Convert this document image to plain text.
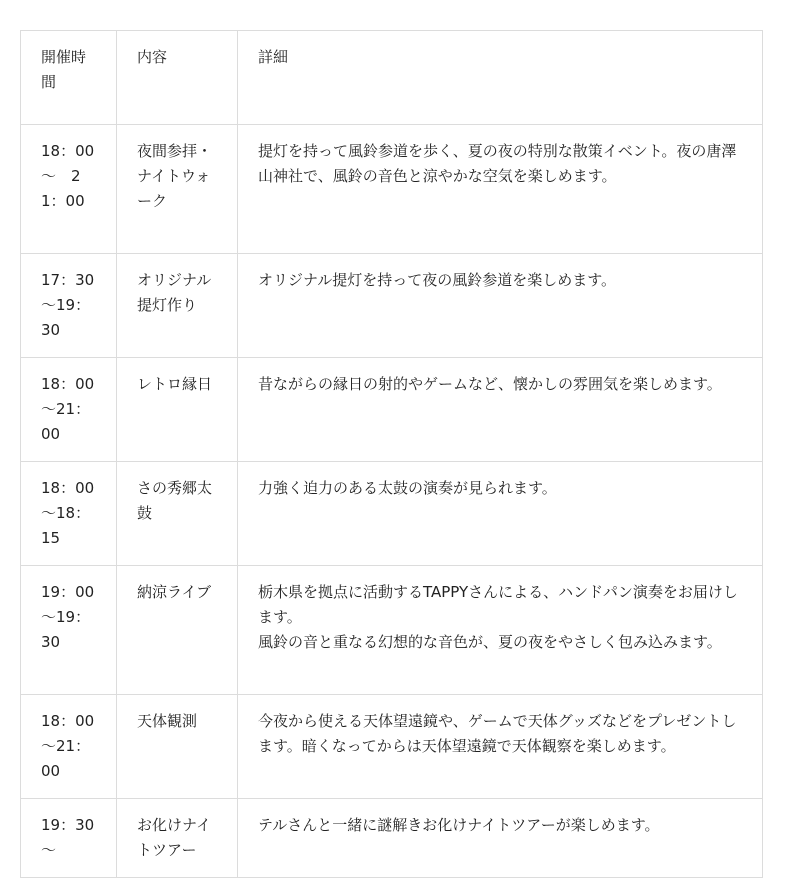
開催時間	内容	詳細
18：00～　21：00	夜間参拝・ナイトウォーク	提灯を持って風鈴参道を歩く、夏の夜の特別な散策イベント。夜の唐澤山神社で、風鈴の音色と涼やかな空気を楽しめます。
17：30～19：30	オリジナル提灯作り	オリジナル提灯を持って夜の風鈴参道を楽しめます。
18：00～21：00	レトロ縁日	昔ながらの縁日の射的やゲームなど、懐かしの雰囲気を楽しめます。
18：00～18：15	さの秀郷太鼓	力強く迫力のある太鼓の演奏が見られます。
19：00～19：30	納涼ライブ	栃木県を拠点に活動するTAPPYさんによる、ハンドパン演奏をお届けします。
風鈴の音と重なる幻想的な音色が、夏の夜をやさしく包み込みます。
18：00～21：00	天体観測	今夜から使える天体望遠鏡や、ゲームで天体グッズなどをプレゼントします。暗くなってからは天体望遠鏡で天体観察を楽しめます。
19：30～	お化けナイトツアー	テルさんと一緒に謎解きお化けナイトツアーが楽しめます。
